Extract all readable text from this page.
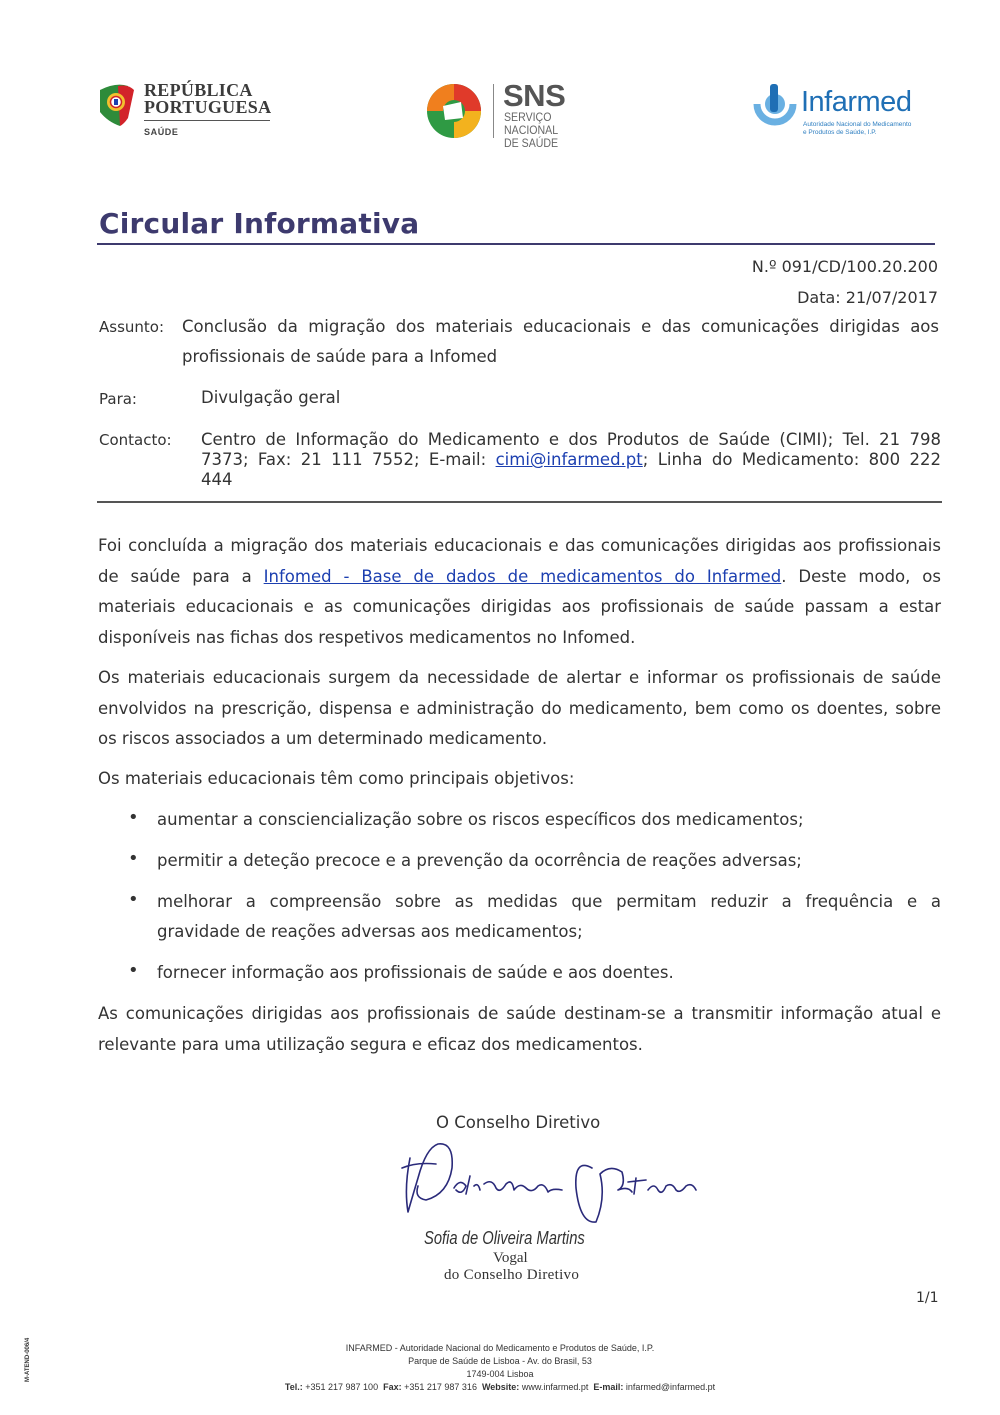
REPÚBLICA
PORTUGUESA
SAÚDE
SNS
SERVIÇO NACIONAL
DE SAÚDE
Infarmed
Autoridade Nacional do Medicamento
e Produtos de Saúde, I.P.
Circular Informativa
N.º 091/CD/100.20.200
Data: 21/07/2017
Assunto: Conclusão da migração dos materiais educacionais e das comunicações dirigidas aos
profissionais de saúde para a Infomed
Para:	Divulgação geral
Contacto: Centro de Informação do Medicamento e dos Produtos de Saúde (CIMI); Tel. 21 798
7373; Fax: 21 111 7552; E-mail: cimi@infarmed.pt; Linha do Medicamento: 800 222
444
Foi concluída a migração dos materiais educacionais e das comunicações dirigidas aos profissionais
de saúde para a Infomed - Base de dados de medicamentos do Infarmed. Deste modo, os
materiais educacionais e as comunicações dirigidas aos profissionais de saúde passam a estar
disponíveis nas fichas dos respetivos medicamentos no Infomed.
Os materiais educacionais surgem da necessidade de alertar e informar os profissionais de saúde
envolvidos na prescrição, dispensa e administração do medicamento, bem como os doentes, sobre
os riscos associados a um determinado medicamento.
Os materiais educacionais têm como principais objetivos:
• aumentar a consciencialização sobre os riscos específicos dos medicamentos;
• permitir a deteção precoce e a prevenção da ocorrência de reações adversas;
• melhorar a compreensão sobre as medidas que permitam reduzir a frequência e a
gravidade de reações adversas aos medicamentos;
• fornecer informação aos profissionais de saúde e aos doentes.
As comunicações dirigidas aos profissionais de saúde destinam-se a transmitir informação atual e
relevante para uma utilização segura e eficaz dos medicamentos.
O Conselho Diretivo
Sofia de Oliveira Martins
Vogal
do Conselho Diretivo
1/1
M-ATEND-006/4	INFARMED - Autoridade Nacional do Medicamento e Produtos de Saúde, I.P.
Parque de Saúde de Lisboa - Av. do Brasil, 53
1749-004 Lisboa
Tel.: +351 217 987 100 Fax: +351 217 987 316 Website: www.infarmed.pt E-mail: infarmed@infarmed.pt
